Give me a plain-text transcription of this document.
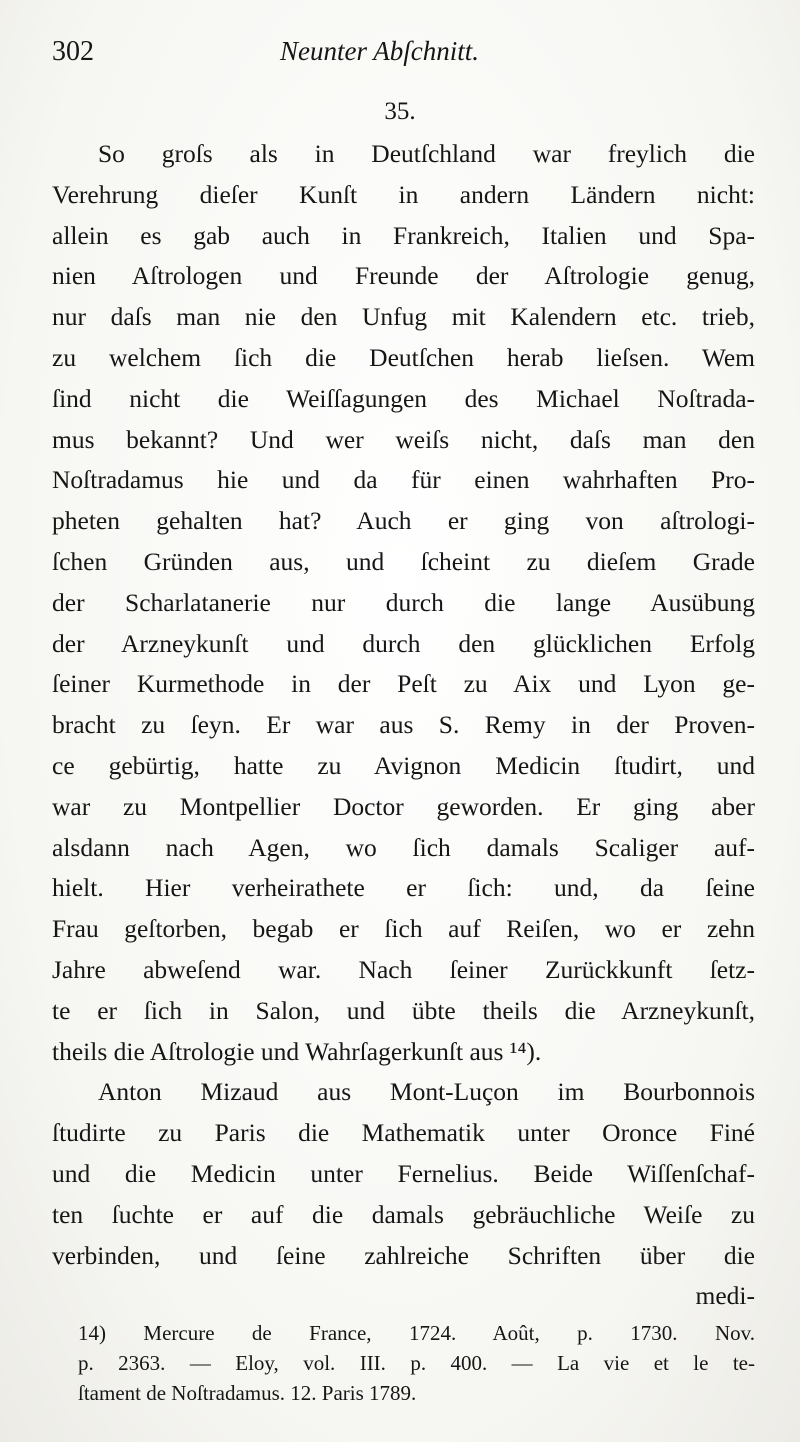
302	Neunter Abſchnitt.
35.
So groſs als in Deutſchland war freylich die
Verehrung dieſer Kunſt in andern Ländern nicht:
allein es gab auch in Frankreich, Italien und Spa-
nien Aſtrologen und Freunde der Aſtrologie genug,
nur daſs man nie den Unfug mit Kalendern etc. trieb,
zu welchem ſich die Deutſchen herab lieſsen. Wem
ſind nicht die Weiſſagungen des Michael Noſtrada-
mus bekannt? Und wer weiſs nicht, daſs man den
Noſtradamus hie und da für einen wahrhaften Pro-
pheten gehalten hat? Auch er ging von aſtrologi-
ſchen Gründen aus, und ſcheint zu dieſem Grade
der Scharlatanerie nur durch die lange Ausübung
der Arzneykunſt und durch den glücklichen Erfolg
ſeiner Kurmethode in der Peſt zu Aix und Lyon ge-
bracht zu ſeyn. Er war aus S. Remy in der Proven-
ce gebürtig, hatte zu Avignon Medicin ſtudirt, und
war zu Montpellier Doctor geworden. Er ging aber
alsdann nach Agen, wo ſich damals Scaliger auf-
hielt. Hier verheirathete er ſich: und, da ſeine
Frau geſtorben, begab er ſich auf Reiſen, wo er zehn
Jahre abweſend war. Nach ſeiner Zurückkunft ſetz-
te er ſich in Salon, und übte theils die Arzneykunſt,
theils die Aſtrologie und Wahrſagerkunſt aus ¹⁴).
Anton Mizaud aus Mont-Luçon im Bourbonnois
ſtudirte zu Paris die Mathematik unter Oronce Finé
und die Medicin unter Fernelius. Beide Wiſſenſchaf-
ten ſuchte er auf die damals gebräuchliche Weiſe zu
verbinden, und ſeine zahlreiche Schriften über die
medi-
14) Mercure de France, 1724. Août, p. 1730. Nov.
p. 2363. — Eloy, vol. III. p. 400. — La vie et le te-
ſtament de Noſtradamus. 12. Paris 1789.
